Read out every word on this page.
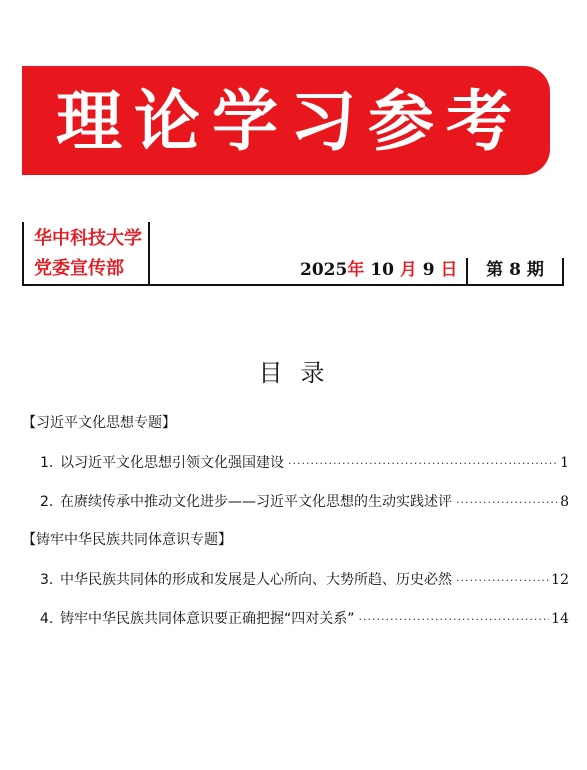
理论学习参考
华中科技大学
党委宣传部	2025年 10 月 9 日	第 8 期
目录
【习近平文化思想专题】
1. 以习近平文化思想引领文化强国建设 ·····	1
2. 在赓续传承中推动文化进步——习近平文化思想的生动实践述评 ·····	8
【铸牢中华民族共同体意识专题】
3. 中华民族共同体的形成和发展是人心所向、大势所趋、历史必然 ·····	12
4. 铸牢中华民族共同体意识要正确把握“四对关系” ·····	14
